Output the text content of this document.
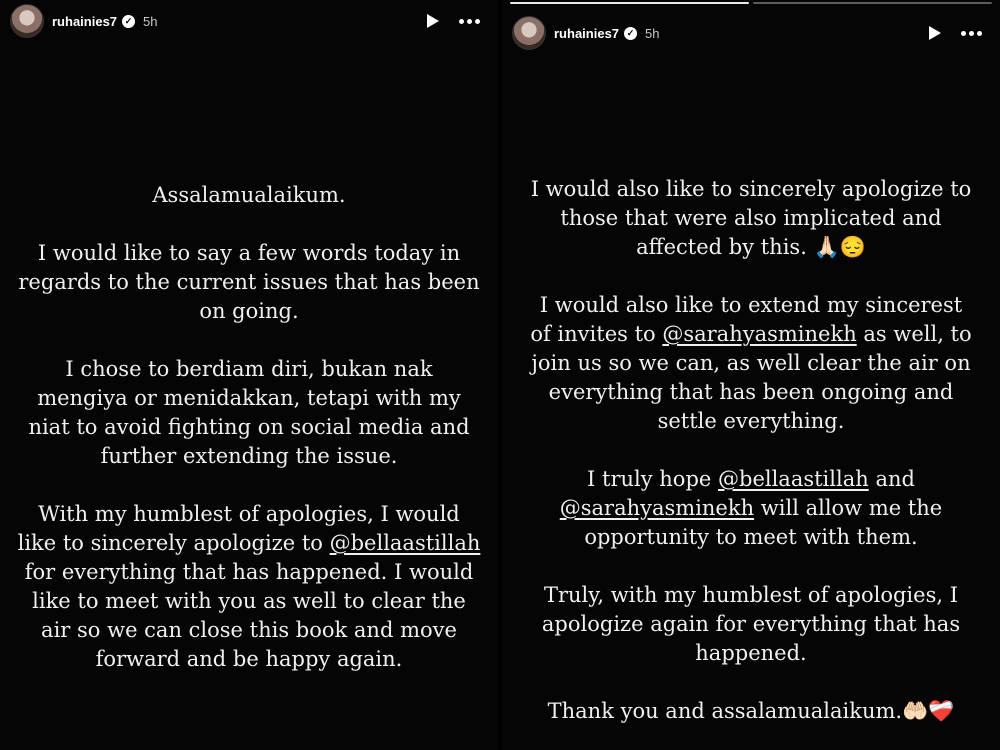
ruhainies7 ✓ 5h

Assalamualaikum.

I would like to say a few words today in
regards to the current issues that has been
on going.

I chose to berdiam diri, bukan nak
mengiya or menidakkan, tetapi with my
niat to avoid fighting on social media and
further extending the issue.

With my humblest of apologies, I would
like to sincerely apologize to @bellaastillah
for everything that has happened. I would
like to meet with you as well to clear the
air so we can close this book and move
forward and be happy again.

ruhainies7 ✓ 5h

I would also like to sincerely apologize to
those that were also implicated and
affected by this. 🙏🏻😔

I would also like to extend my sincerest
of invites to @sarahyasminekh as well, to
join us so we can, as well clear the air on
everything that has been ongoing and
settle everything.

I truly hope @bellaastillah and
@sarahyasminekh will allow me the
opportunity to meet with them.

Truly, with my humblest of apologies, I
apologize again for everything that has
happened.

Thank you and assalamualaikum.🤲🏻❤️‍🩹
